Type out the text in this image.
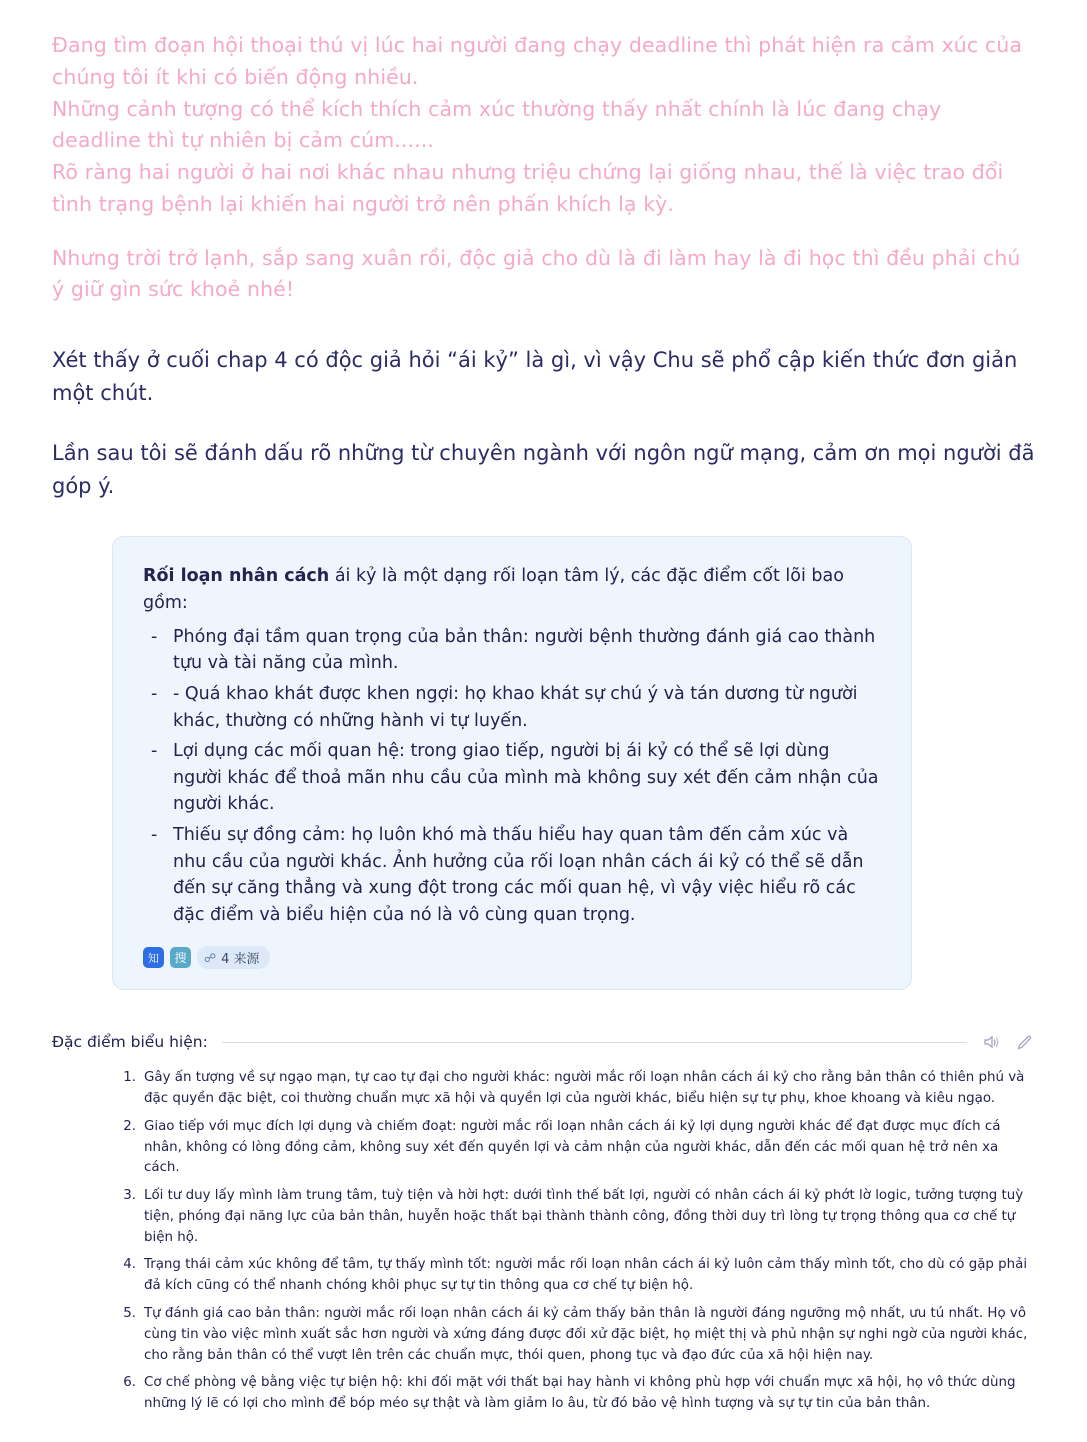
Đang tìm đoạn hội thoại thú vị lúc hai người đang chạy deadline thì phát hiện ra cảm xúc của chúng tôi ít khi có biến động nhiều.

Những cảnh tượng có thể kích thích cảm xúc thường thấy nhất chính là lúc đang chạy deadline thì tự nhiên bị cảm cúm......

Rõ ràng hai người ở hai nơi khác nhau nhưng triệu chứng lại giống nhau, thế là việc trao đổi tình trạng bệnh lại khiến hai người trở nên phấn khích lạ kỳ.

Nhưng trời trở lạnh, sắp sang xuân rồi, độc giả cho dù là đi làm hay là đi học thì đều phải chú ý giữ gìn sức khoẻ nhé!

Xét thấy ở cuối chap 4 có độc giả hỏi “ái kỷ” là gì, vì vậy Chu sẽ phổ cập kiến thức đơn giản một chút.

Lần sau tôi sẽ đánh dấu rõ những từ chuyên ngành với ngôn ngữ mạng, cảm ơn mọi người đã góp ý.

Rối loạn nhân cách ái kỷ là một dạng rối loạn tâm lý, các đặc điểm cốt lõi bao gồm:

- Phóng đại tầm quan trọng của bản thân: người bệnh thường đánh giá cao thành tựu và tài năng của mình.
- - Quá khao khát được khen ngợi: họ khao khát sự chú ý và tán dương từ người khác, thường có những hành vi tự luyến.
- Lợi dụng các mối quan hệ: trong giao tiếp, người bị ái kỷ có thể sẽ lợi dùng người khác để thoả mãn nhu cầu của mình mà không suy xét đến cảm nhận của người khác.
- Thiếu sự đồng cảm: họ luôn khó mà thấu hiểu hay quan tâm đến cảm xúc và nhu cầu của người khác. Ảnh hưởng của rối loạn nhân cách ái kỷ có thể sẽ dẫn đến sự căng thẳng và xung đột trong các mối quan hệ, vì vậy việc hiểu rõ các đặc điểm và biểu hiện của nó là vô cùng quan trọng.
知	搜	☍ 4 来源
Đặc điểm biểu hiện:
Gây ấn tượng về sự ngạo mạn, tự cao tự đại cho người khác: người mắc rối loạn nhân cách ái kỷ cho rằng bản thân có thiên phú và đặc quyền đặc biệt, coi thường chuẩn mực xã hội và quyền lợi của người khác, biểu hiện sự tự phụ, khoe khoang và kiêu ngạo.
Giao tiếp với mục đích lợi dụng và chiếm đoạt: người mắc rối loạn nhân cách ái kỷ lợi dụng người khác để đạt được mục đích cá nhân, không có lòng đồng cảm, không suy xét đến quyền lợi và cảm nhận của người khác, dẫn đến các mối quan hệ trở nên xa cách.
Lối tư duy lấy mình làm trung tâm, tuỳ tiện và hời hợt: dưới tình thế bất lợi, người có nhân cách ái kỷ phớt lờ logic, tưởng tượng tuỳ tiện, phóng đại năng lực của bản thân, huyễn hoặc thất bại thành thành công, đồng thời duy trì lòng tự trọng thông qua cơ chế tự biện hộ.
Trạng thái cảm xúc không để tâm, tự thấy mình tốt: người mắc rối loạn nhân cách ái kỷ luôn cảm thấy mình tốt, cho dù có gặp phải đả kích cũng có thể nhanh chóng khôi phục sự tự tin thông qua cơ chế tự biện hộ.
Tự đánh giá cao bản thân: người mắc rối loạn nhân cách ái kỷ cảm thấy bản thân là người đáng ngưỡng mộ nhất, ưu tú nhất. Họ vô cùng tin vào việc mình xuất sắc hơn người và xứng đáng được đối xử đặc biệt, họ miệt thị và phủ nhận sự nghi ngờ của người khác, cho rằng bản thân có thể vượt lên trên các chuẩn mực, thói quen, phong tục và đạo đức của xã hội hiện nay.
Cơ chế phòng vệ bằng việc tự biện hộ: khi đối mặt với thất bại hay hành vi không phù hợp với chuẩn mực xã hội, họ vô thức dùng những lý lẽ có lợi cho mình để bóp méo sự thật và làm giảm lo âu, từ đó bảo vệ hình tượng và sự tự tin của bản thân.
